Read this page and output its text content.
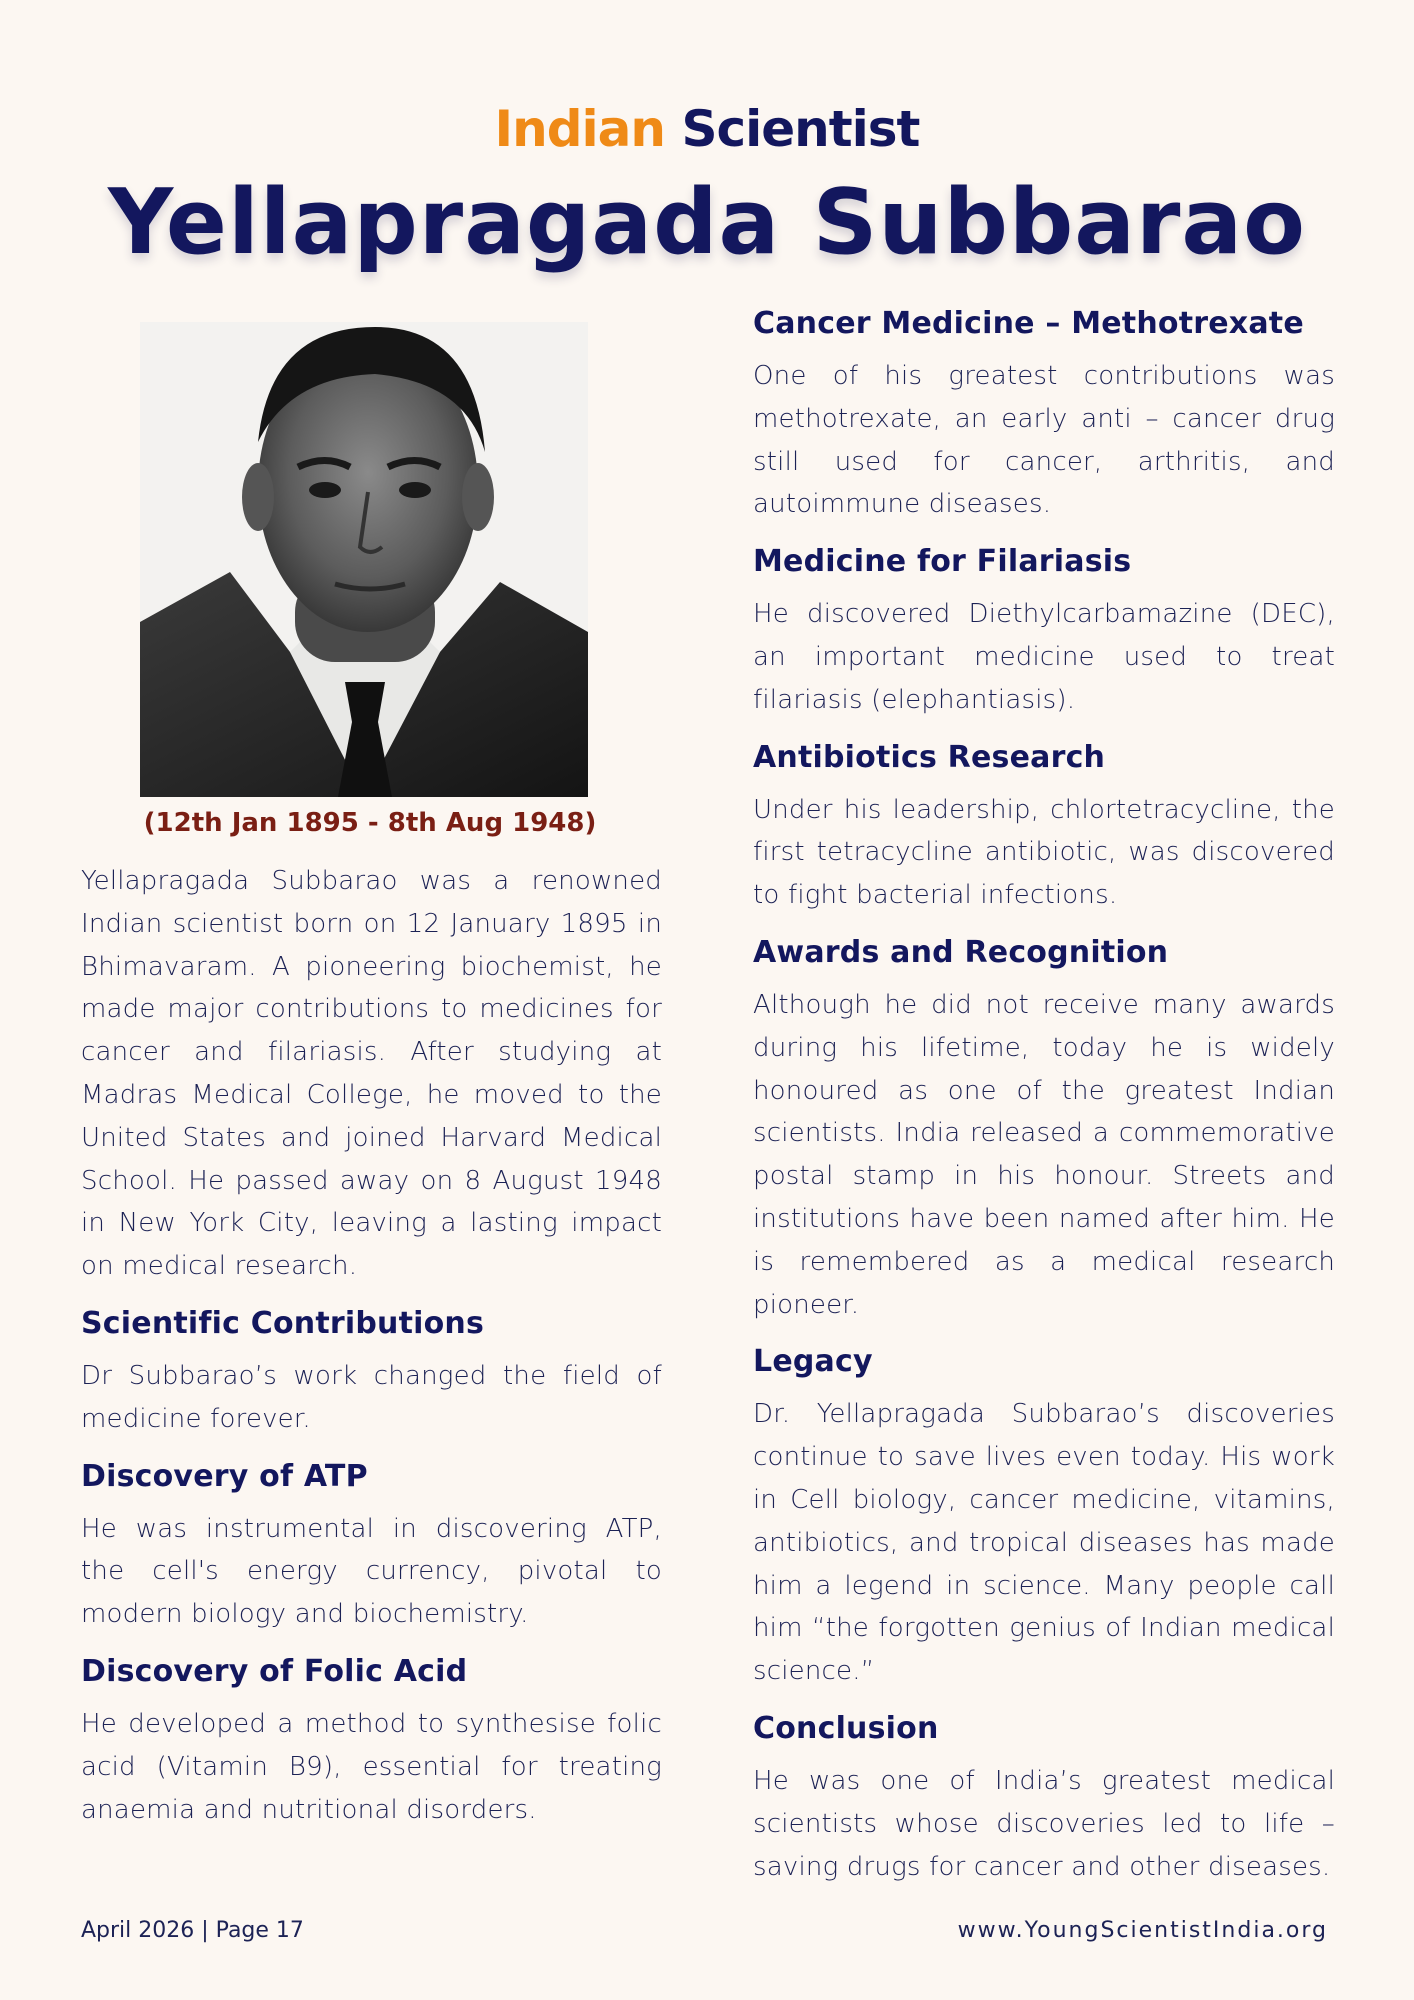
Indian Scientist
Yellapragada Subbarao
(12th Jan 1895 - 8th Aug 1948)

Yellapragada Subbarao was a renowned Indian scientist born on 12 January 1895 in Bhimavaram. A pioneering biochemist, he made major contributions to medicines for cancer and filariasis. After studying at Madras Medical College, he moved to the United States and joined Harvard Medical School. He passed away on 8 August 1948 in New York City, leaving a lasting impact on medical research.

Scientific Contributions

Dr Subbarao’s work changed the field of medicine forever.

Discovery of ATP

He was instrumental in discovering ATP, the cell's energy currency, pivotal to modern biology and biochemistry.

Discovery of Folic Acid

He developed a method to synthesise folic acid (Vitamin B9), essential for treating anaemia and nutritional disorders.

Cancer Medicine – Methotrexate

One of his greatest contributions was methotrexate, an early anti – cancer drug still used for cancer, arthritis, and autoimmune diseases.

Medicine for Filariasis

He discovered Diethylcarbamazine (DEC), an important medicine used to treat filariasis (elephantiasis).

Antibiotics Research

Under his leadership, chlortetracycline, the first tetracycline antibiotic, was discovered to fight bacterial infections.

Awards and Recognition

Although he did not receive many awards during his lifetime, today he is widely honoured as one of the greatest Indian scientists. India released a commemorative postal stamp in his honour. Streets and institutions have been named after him. He is remembered as a medical research pioneer.

Legacy

Dr. Yellapragada Subbarao’s discoveries continue to save lives even today. His work in Cell biology, cancer medicine, vitamins, antibiotics, and tropical diseases has made him a legend in science. Many people call him “the forgotten genius of Indian medical science.”

Conclusion

He was one of India’s greatest medical scientists whose discoveries led to life – saving drugs for cancer and other diseases.

April 2026 | Page 17	www.YoungScientistIndia.org
